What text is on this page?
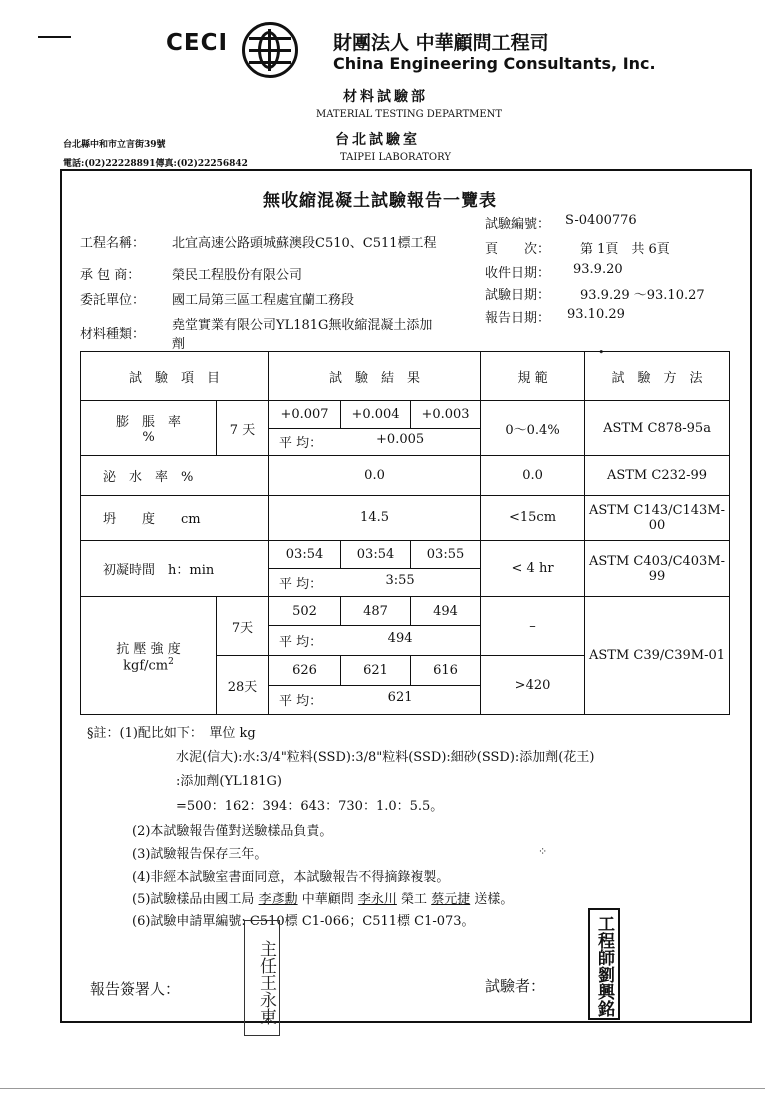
CECI	財團法人 中華顧問工程司
China Engineering Consultants, Inc.
材料試驗部
MATERIAL TESTING DEPARTMENT
台北試驗室
TAIPEI LABORATORY
台北縣中和市立言街39號
電話:(02)22228891傳真:(02)22256842
無收縮混凝土試驗報告一覽表
工程名稱： 北宜高速公路頭城蘇澳段C510、C511標工程
承 包 商： 榮民工程股份有限公司
委託單位： 國工局第三區工程處宜蘭工務段
材料種類：
堯堂實業有限公司YL181G無收縮混凝土添加
劑
試驗編號： S-0400776
頁　　次： 第 1頁　共 6頁
收件日期： 93.9.20
試驗日期： 93.9.29 ～93.10.27
報告日期： 93.10.29
•
試　驗　項　目		試　驗　結　果			規 範	試　驗　方　法

膨　脹　率
%	7 天	+0.007	+0.004	+0.003	0～0.4%	ASTM C878-95a

		平 均： +0.005				
泌　水　率　%		0.0			0.0	ASTM C232-99
坍　　度　　cm		14.5			<15cm	ASTM C143/C143M-00
初凝時間　h：min		03:54	03:54	03:55	< 4 hr	ASTM C403/C403M-99

		平 均： 3:55				

抗 壓 強 度
kgf/$cm^2$	7天	502	487	494	–	ASTM C39/C39M-01

		平 均： 494				
	28天	626	621	616	>420	

		平 均： 621				
§註：(1)配比如下：　單位 kg
水泥(信大):水:3/4"粒料(SSD):3/8"粒料(SSD):細砂(SSD):添加劑(花王)
:添加劑(YL181G)
=500：162：394：643：730：1.0：5.5。
(2)本試驗報告僅對送驗樣品負責。
(3)試驗報告保存三年。
(4)非經本試驗室書面同意，本試驗報告不得摘錄複製。
(5)試驗樣品由國工局 李彥勳 中華顧問 李永川 榮工 蔡元捷 送樣。
(6)試驗申請單編號: C510標 C1-066；C511標 C1-073。
⁘
報告簽署人：	試驗者：
主任王永東	工程師劉興銘
